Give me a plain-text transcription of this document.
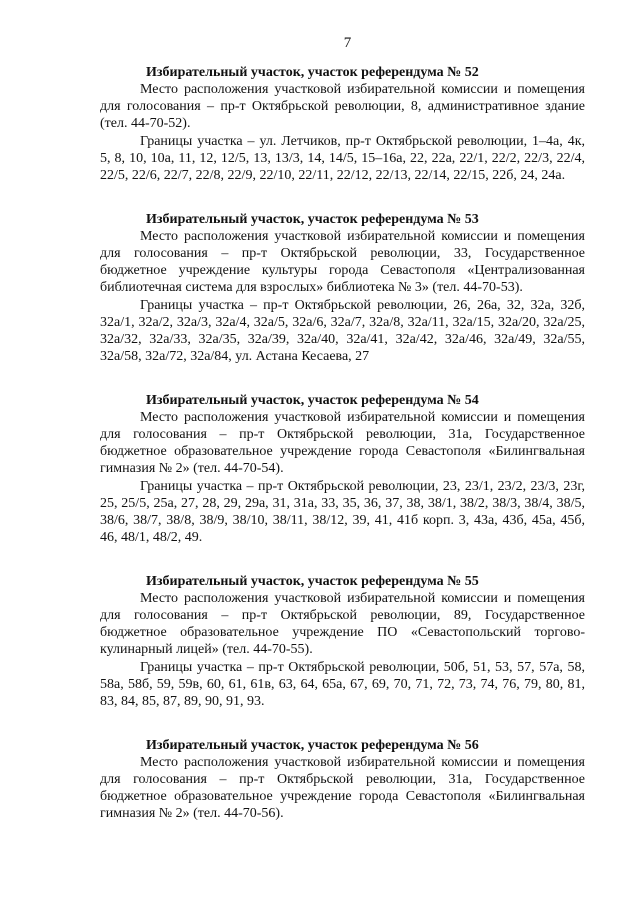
7

Избирательный участок, участок референдума № 52

Место расположения участковой избирательной комиссии и помещения для голосования – пр-т Октябрьской революции, 8, административное здание (тел. 44-70-52).

Границы участка – ул. Летчиков, пр-т Октябрьской революции, 1–4а, 4к, 5, 8, 10, 10а, 11, 12, 12/5, 13, 13/3, 14, 14/5, 15–16а, 22, 22а, 22/1, 22/2, 22/3, 22/4, 22/5, 22/6, 22/7, 22/8, 22/9, 22/10, 22/11, 22/12, 22/13, 22/14, 22/15, 22б, 24, 24а.

Избирательный участок, участок референдума № 53

Место расположения участковой избирательной комиссии и помещения для голосования – пр-т Октябрьской революции, 33, Государственное бюджетное учреждение культуры города Севастополя «Централизованная библиотечная система для взрослых» библиотека № 3» (тел. 44-70-53).

Границы участка – пр-т Октябрьской революции, 26, 26а, 32, 32а, 32б, 32а/1, 32а/2, 32а/3, 32а/4, 32а/5, 32а/6, 32а/7, 32а/8, 32а/11, 32а/15, 32а/20, 32а/25, 32а/32, 32а/33, 32а/35, 32а/39, 32а/40, 32а/41, 32а/42, 32а/46, 32а/49, 32а/55, 32а/58, 32а/72, 32а/84, ул. Астана Кесаева, 27

Избирательный участок, участок референдума № 54

Место расположения участковой избирательной комиссии и помещения для голосования – пр-т Октябрьской революции, 31а, Государственное бюджетное образовательное учреждение города Севастополя «Билингвальная гимназия № 2» (тел. 44-70-54).

Границы участка – пр-т Октябрьской революции, 23, 23/1, 23/2, 23/3, 23г, 25, 25/5, 25а, 27, 28, 29, 29а, 31, 31а, 33, 35, 36, 37, 38, 38/1, 38/2, 38/3, 38/4, 38/5, 38/6, 38/7, 38/8, 38/9, 38/10, 38/11, 38/12, 39, 41, 41б корп. 3, 43а, 43б, 45а, 45б, 46, 48/1, 48/2, 49.

Избирательный участок, участок референдума № 55

Место расположения участковой избирательной комиссии и помещения для голосования – пр-т Октябрьской революции, 89, Государственное бюджетное образовательное учреждение ПО «Севастопольский торгово-кулинарный лицей» (тел. 44-70-55).

Границы участка – пр-т Октябрьской революции, 50б, 51, 53, 57, 57а, 58, 58а, 58б, 59, 59в, 60, 61, 61в, 63, 64, 65а, 67, 69, 70, 71, 72, 73, 74, 76, 79, 80, 81, 83, 84, 85, 87, 89, 90, 91, 93.

Избирательный участок, участок референдума № 56

Место расположения участковой избирательной комиссии и помещения для голосования – пр-т Октябрьской революции, 31а, Государственное бюджетное образовательное учреждение города Севастополя «Билингвальная гимназия № 2» (тел. 44-70-56).
